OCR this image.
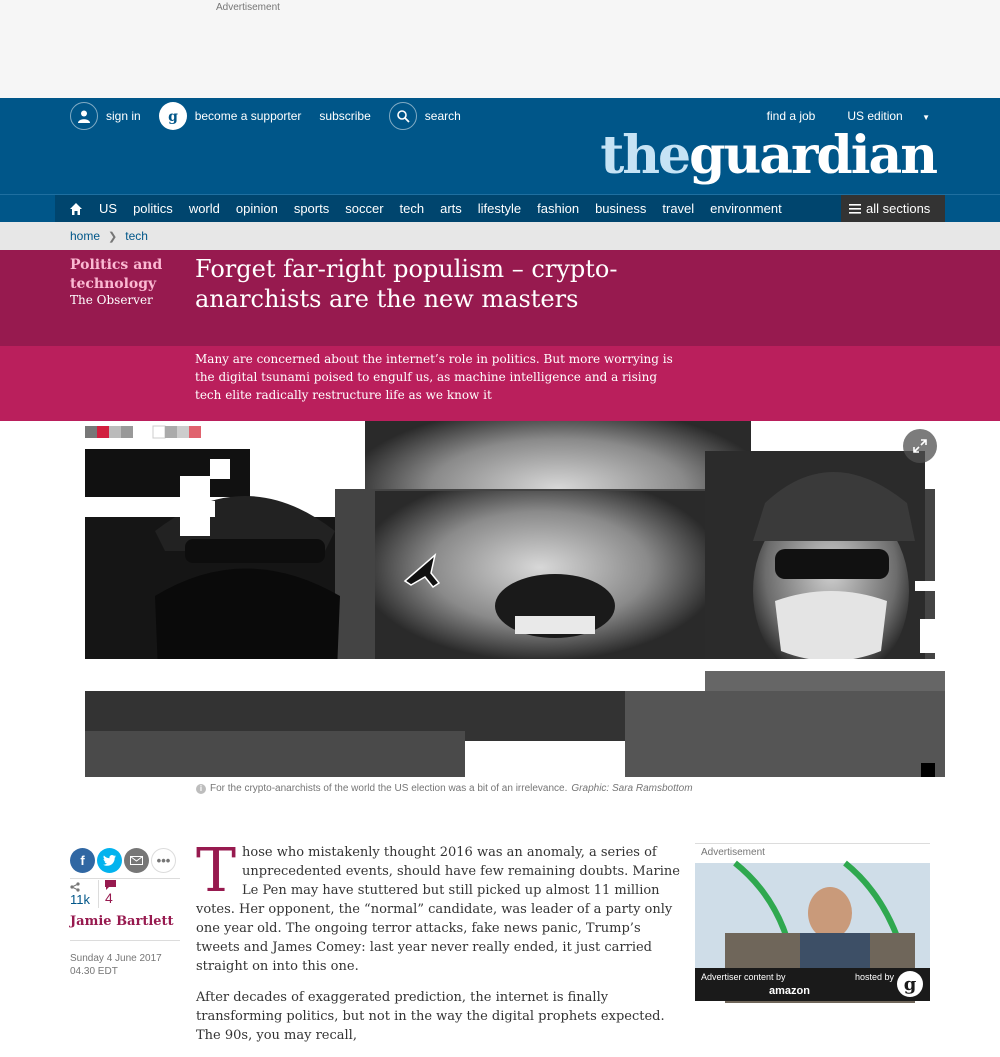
Advertisement
sign in g become a supporter subscribe	search	find a job	US edition ▼
theguardian
US politics world opinion sports soccer tech arts lifestyle fashion business travel environment	all sections
home ❯ tech
Politics and technology
The Observer
Forget far-right populism – crypto-anarchists are the new masters
Many are concerned about the internet’s role in politics. But more worrying is the digital tsunami poised to engulf us, as machine intelligence and a rising tech elite radically restructure life as we know it
i For the crypto-anarchists of the world the US election was a bit of an irrelevance. Graphic: Sara Ramsbottom
f	•••
11k	4
Jamie Bartlett
Sunday 4 June 2017
04.30 EDT

Those who mistakenly thought 2016 was an anomaly, a series of unprecedented events, should have few remaining doubts. Marine Le Pen may have stuttered but still picked up almost 11 million votes. Her opponent, the “normal” candidate, was leader of a party only one year old. The ongoing terror attacks, fake news panic, Trump’s tweets and James Comey: last year never really ended, it just carried straight on into this one.

After decades of exaggerated prediction, the internet is finally transforming politics, but not in the way the digital prophets expected. The 90s, you may recall,

Advertisement
Advertiser content by
amazon
hosted by g
